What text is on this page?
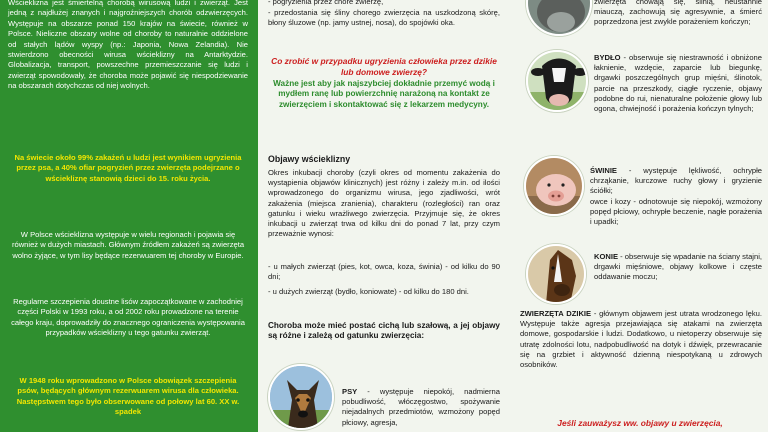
Wścieklizna jest śmiertelną chorobą wirusową ludzi i zwierząt. Jest jedną z najdłużej znanych i najgroźniejszych chorób odzwierzęcych. Występuje na obszarze ponad 150 krajów na świecie, również w Polsce. Nieliczne obszary wolne od choroby to naturalnie oddzielone od stałych lądów wyspy (np.: Japonia, Nowa Zelandia). Nie stwierdzono obecności wirusa wścieklizny na Antarktydzie. Globalizacja, transport, powszechne przemieszczanie się ludzi i zwierząt spowodowały, że choroba może pojawić się niespodziewanie na obszarach dotychczas od niej wolnych.

Na świecie około 99% zakażeń u ludzi jest wynikiem ugryzienia przez psa, a 40% ofiar pogryzień przez zwierzęta podejrzane o wściekliznę stanowią dzieci do 15. roku życia.

W Polsce wścieklizna występuje w wielu regionach i pojawia się również w dużych miastach. Głównym źródłem zakażeń są zwierzęta wolno żyjące, w tym lisy będące rezerwuarem tej choroby w Europie.

Regularne szczepienia doustne lisów zapoczątkowane w zachodniej części Polski w 1993 roku, a od 2002 roku prowadzone na terenie całego kraju, doprowadziły do znacznego ograniczenia występowania przypadków wścieklizny u tego gatunku zwierząt.

W 1948 roku wprowadzono w Polsce obowiązek szczepienia psów, będących głównym rezerwuarem wirusa dla człowieka. Następstwem tego było obserwowane od połowy lat 60. XX w. spadek

- pogryzienia przez chore zwierzę,

- przedostania się śliny chorego zwierzęcia na uszkodzoną skórę, błony śluzowe (np. jamy ustnej, nosa), do spojówki oka.

Co zrobić w przypadku ugryzienia człowieka przez dzikie lub domowe zwierzę?

Ważne jest aby jak najszybciej dokładnie przemyć wodą i mydłem ranę lub powierzchnię narażoną na kontakt ze zwierzęciem i skontaktować się z lekarzem medycyny.

Objawy wścieklizny

Okres inkubacji choroby (czyli okres od momentu zakażenia do wystąpienia objawów klinicznych) jest różny i zależy m.in. od ilości wprowadzonego do organizmu wirusa, jego zjadliwości, wrót zakażenia (miejsca zranienia), charakteru (rozległości) ran oraz gatunku i wieku wrażliwego zwierzęcia. Przyjmuje się, że okres inkubacji u zwierząt trwa od kilku dni do ponad 7 lat, przy czym przeważnie wynosi:

- u małych zwierząt (pies, kot, owca, koza, świnia) - od kilku do 90 dni;

- u dużych zwierząt (bydło, koniowate) - od kilku do 180 dni.

Choroba może mieć postać cichą lub szałową, a jej objawy są różne i zależą od gatunku zwierzęcia:

PSY - występuje niepokój, nadmierna pobudliwość, włóczęgostwo, spożywanie niejadalnych przedmiotów, wzmożony popęd płciowy, agresja,

zwierzęta chowają się, ślinią, neustannie miauczą, zachowują się agresywnie, a śmierć poprzedzona jest zwykle porażeniem kończyn;

BYDŁO - obserwuje się niestrawność i obniżone łaknienie, wzdęcie, zaparcie lub biegunkę, drgawki poszczególnych grup mięśni, ślinotok, parcie na przeszkody, ciągłe ryczenie, objawy podobne do rui, nienaturalne położenie głowy lub ogona, chwiejność i porażenia kończyn tylnych;

ŚWINIE - występuje lękliwość, ochrypłe chrząkanie, kurczowe ruchy głowy i gryzienie ściółki;

owce i kozy - odnotowuje się niepokój, wzmożony popęd płciowy, ochrypłe beczenie, nagłe porażenia i upadki;

KONIE - obserwuje się wpadanie na ściany stajni, drgawki mięśniowe, objawy kolkowe i częste oddawanie moczu;

ZWIERZĘTA DZIKIE - głównym objawem jest utrata wrodzonego lęku. Występuje także agresja przejawiająca się atakami na zwierzęta domowe, gospodarskie i ludzi. Dodatkowo, u nietoperzy obserwuje się utratę zdolności lotu, nadpobudliwość na dotyk i dźwięk, przewracanie się na grzbiet i aktywność dzienną niespotykaną u zdrowych osobników.

Jeśli zauważysz ww. objawy u zwierzęcia,
